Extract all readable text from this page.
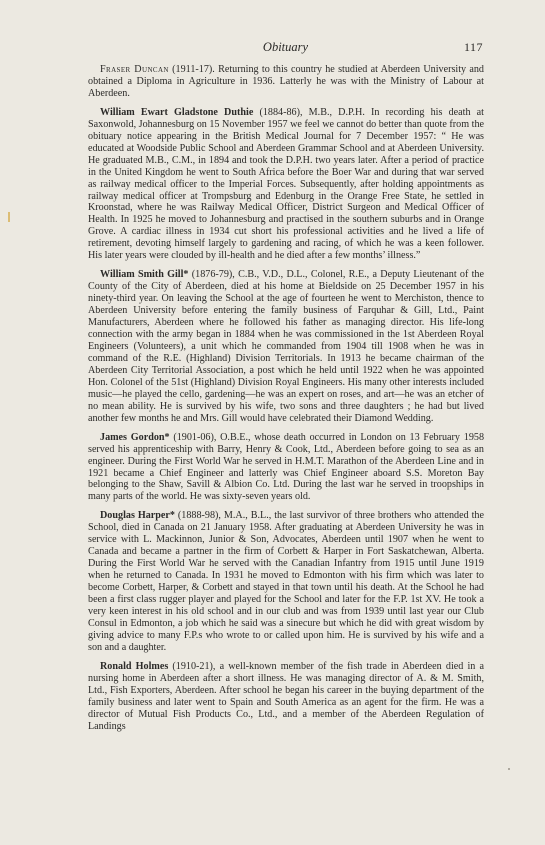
Obituary	117

Fraser Duncan (1911-17). Returning to this country he studied at Aberdeen University and obtained a Diploma in Agriculture in 1936. Latterly he was with the Ministry of Labour at Aberdeen.

William Ewart Gladstone Duthie (1884-86), M.B., D.P.H. In recording his death at Saxonwold, Johannesburg on 15 November 1957 we feel we cannot do better than quote from the obituary notice appearing in the British Medical Journal for 7 December 1957: “ He was educated at Woodside Public School and Aberdeen Grammar School and at Aberdeen University. He graduated M.B., C.M., in 1894 and took the D.P.H. two years later. After a period of practice in the United Kingdom he went to South Africa before the Boer War and during that war served as railway medical officer to the Imperial Forces. Subsequently, after holding appointments as railway medical officer at Trompsburg and Edenburg in the Orange Free State, he settled in Kroonstad, where he was Railway Medical Officer, District Surgeon and Medical Officer of Health. In 1925 he moved to Johannesburg and practised in the southern suburbs and in Orange Grove. A cardiac illness in 1934 cut short his professional activities and he lived a life of retirement, devoting himself largely to gardening and racing, of which he was a keen follower. His later years were clouded by ill-health and he died after a few months’ illness.”

William Smith Gill* (1876-79), C.B., V.D., D.L., Colonel, R.E., a Deputy Lieutenant of the County of the City of Aberdeen, died at his home at Bieldside on 25 December 1957 in his ninety-third year. On leaving the School at the age of fourteen he went to Merchiston, thence to Aberdeen University before entering the family business of Farquhar & Gill, Ltd., Paint Manufacturers, Aberdeen where he followed his father as managing director. His life-long connection with the army began in 1884 when he was commissioned in the 1st Aberdeen Royal Engineers (Volunteers), a unit which he commanded from 1904 till 1908 when he was in command of the R.E. (Highland) Division Territorials. In 1913 he became chairman of the Aberdeen City Territorial Association, a post which he held until 1922 when he was appointed Hon. Colonel of the 51st (Highland) Division Royal Engineers. His many other interests included music—he played the cello, gardening—he was an expert on roses, and art—he was an etcher of no mean ability. He is survived by his wife, two sons and three daughters ; he had but lived another few months he and Mrs. Gill would have celebrated their Diamond Wedding.

James Gordon* (1901-06), O.B.E., whose death occurred in London on 13 February 1958 served his apprenticeship with Barry, Henry & Cook, Ltd., Aberdeen before going to sea as an engineer. During the First World War he served in H.M.T. Marathon of the Aberdeen Line and in 1921 became a Chief Engineer and latterly was Chief Engineer aboard S.S. Moreton Bay belonging to the Shaw, Savill & Albion Co. Ltd. During the last war he served in troopships in many parts of the world. He was sixty-seven years old.

Douglas Harper* (1888-98), M.A., B.L., the last survivor of three brothers who attended the School, died in Canada on 21 January 1958. After graduating at Aberdeen University he was in service with L. Mackinnon, Junior & Son, Advocates, Aberdeen until 1907 when he went to Canada and became a partner in the firm of Corbett & Harper in Fort Saskatchewan, Alberta. During the First World War he served with the Canadian Infantry from 1915 until June 1919 when he returned to Canada. In 1931 he moved to Edmonton with his firm which was later to become Corbett, Harper, & Corbett and stayed in that town until his death. At the School he had been a first class rugger player and played for the School and later for the F.P. 1st XV. He took a very keen interest in his old school and in our club and was from 1939 until last year our Club Consul in Edmonton, a job which he said was a sinecure but which he did with great wisdom by giving advice to many F.P.s who wrote to or called upon him. He is survived by his wife and a son and a daughter.

Ronald Holmes (1910-21), a well-known member of the fish trade in Aberdeen died in a nursing home in Aberdeen after a short illness. He was managing director of A. & M. Smith, Ltd., Fish Exporters, Aberdeen. After school he began his career in the buying department of the family business and later went to Spain and South America as an agent for the firm. He was a director of Mutual Fish Products Co., Ltd., and a member of the Aberdeen Regulation of Landings
